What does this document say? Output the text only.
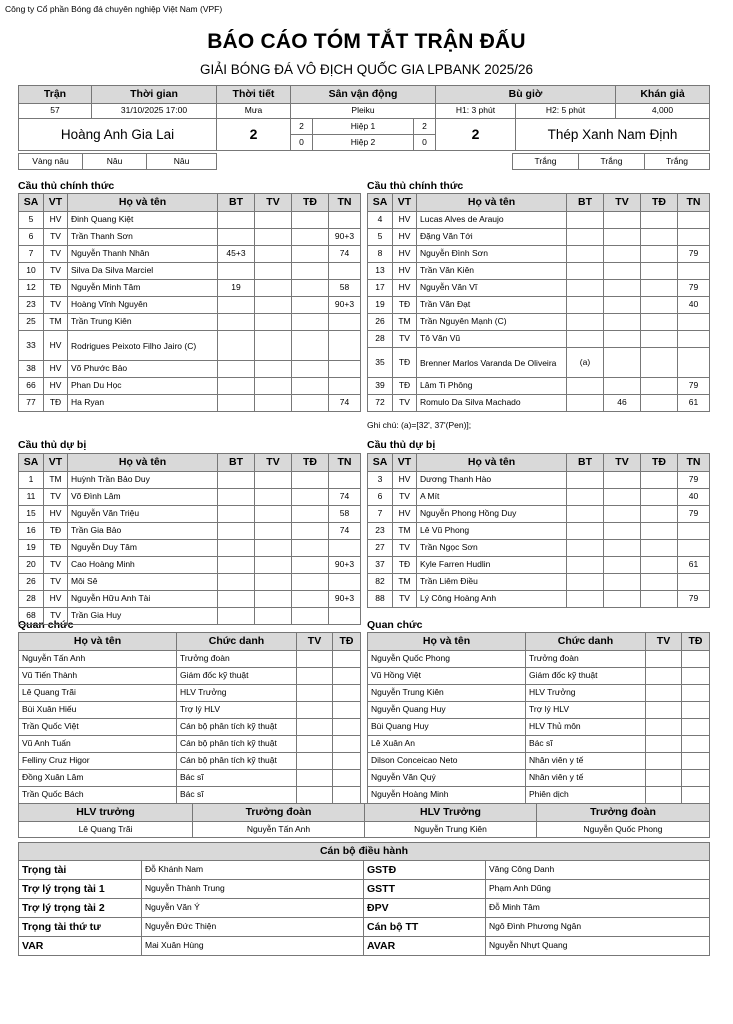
Công ty Cổ phần Bóng đá chuyên nghiệp Việt Nam (VPF)
BÁO CÁO TÓM TẮT TRẬN ĐẤU
GIẢI BÓNG ĐÁ VÔ ĐỊCH QUỐC GIA LPBANK 2025/26
Trận	Thời gian	Thời tiết	Sân vận động			Bù giờ		Khán giả
57	31/10/2025 17:00	Mưa	Pleiku			H1: 3 phút	H2: 5 phút	4,000
Hoàng Anh Gia Lai		2	2	Hiệp 1	2	2	Thép Xanh Nam Định	
			0	Hiệp 2	0			
Vàng nâu	Nâu	Nâu		Trắng	Trắng	Trắng
Cầu thủ chính thức	Cầu thủ chính thức
Ghi chú: (a)=[32', 37'(Pen)];
Cầu thủ dự bị	Cầu thủ dự bị
Quan chức	Quan chức
SA	VT	Họ và tên	BT	TV	TĐ	TN
5	HV	Đinh Quang Kiệt				
6	TV	Trần Thanh Sơn				90+3
7	TV	Nguyễn Thanh Nhân	45+3			74
10	TV	Silva Da Silva Marciel				
12	TĐ	Nguyễn Minh Tâm	19			58
23	TV	Hoàng Vĩnh Nguyên				90+3
25	TM	Trần Trung Kiên				
33	HV	Rodrigues Peixoto Filho Jairo (C)				
38	HV	Võ Phước Bảo				
66	HV	Phan Du Học				
77	TĐ	Ha Ryan				74
SA	VT	Họ và tên	BT	TV	TĐ	TN
4	HV	Lucas Alves de Araujo				
5	HV	Đặng Văn Tới				
8	HV	Nguyễn Đình Sơn				79
13	HV	Trần Văn Kiên				
17	HV	Nguyễn Văn Vĩ				79
19	TĐ	Trần Văn Đạt				40
26	TM	Trần Nguyên Mạnh (C)				
28	TV	Tô Văn Vũ				
35	TĐ	Brenner Marlos Varanda De Oliveira	(a)			
39	TĐ	Lâm Ti Phông				79
72	TV	Romulo Da Silva Machado		46		61
SA	VT	Họ và tên	BT	TV	TĐ	TN
1	TM	Huỳnh Trần Bảo Duy				
11	TV	Võ Đình Lâm				74
15	HV	Nguyễn Văn Triệu				58
16	TĐ	Trần Gia Bảo				74
19	TĐ	Nguyễn Duy Tâm				
20	TV	Cao Hoàng Minh				90+3
26	TV	Môi Sê				
28	HV	Nguyễn Hữu Anh Tài				90+3
68	TV	Trần Gia Huy				
SA	VT	Họ và tên	BT	TV	TĐ	TN
3	HV	Dương Thanh Hào				79
6	TV	A Mít				40
7	HV	Nguyễn Phong Hồng Duy				79
23	TM	Lê Vũ Phong				
27	TV	Trần Ngọc Sơn				
37	TĐ	Kyle Farren Hudlin				61
82	TM	Trần Liêm Điều				
88	TV	Lý Công Hoàng Anh				79
Họ và tên	Chức danh	TV	TĐ
Nguyễn Tấn Anh	Trưởng đoàn		
Vũ Tiến Thành	Giám đốc kỹ thuật		
Lê Quang Trãi	HLV Trưởng		
Bùi Xuân Hiếu	Trợ lý HLV		
Trần Quốc Việt	Cán bộ phân tích kỹ thuật		
Vũ Anh Tuấn	Cán bộ phân tích kỹ thuật		
Felliny Cruz Higor	Cán bộ phân tích kỹ thuật		
Đồng Xuân Lâm	Bác sĩ		
Trần Quốc Bách	Bác sĩ		
Họ và tên	Chức danh	TV	TĐ
Nguyễn Quốc Phong	Trưởng đoàn		
Vũ Hồng Việt	Giám đốc kỹ thuật		
Nguyễn Trung Kiên	HLV Trưởng		
Nguyễn Quang Huy	Trợ lý HLV		
Bùi Quang Huy	HLV Thủ môn		
Lê Xuân An	Bác sĩ		
Dilson Conceicao Neto	Nhân viên y tế		
Nguyễn Văn Quý	Nhân viên y tế		
Nguyễn Hoàng Minh	Phiên dịch		
HLV trưởng	Trưởng đoàn	HLV Trưởng	Trưởng đoàn
Lê Quang Trãi	Nguyễn Tấn Anh	Nguyễn Trung Kiên	Nguyễn Quốc Phong
Cán bộ điều hành			
Trọng tài	Đỗ Khánh Nam	GSTĐ	Văng Công Danh
Trợ lý trọng tài 1	Nguyễn Thành Trung	GSTT	Phạm Anh Dũng
Trợ lý trọng tài 2	Nguyễn Văn Ý	ĐPV	Đỗ Minh Tâm
Trọng tài thứ tư	Nguyễn Đức Thiện	Cán bộ TT	Ngô Đình Phương Ngân
VAR	Mai Xuân Hùng	AVAR	Nguyễn Nhựt Quang
